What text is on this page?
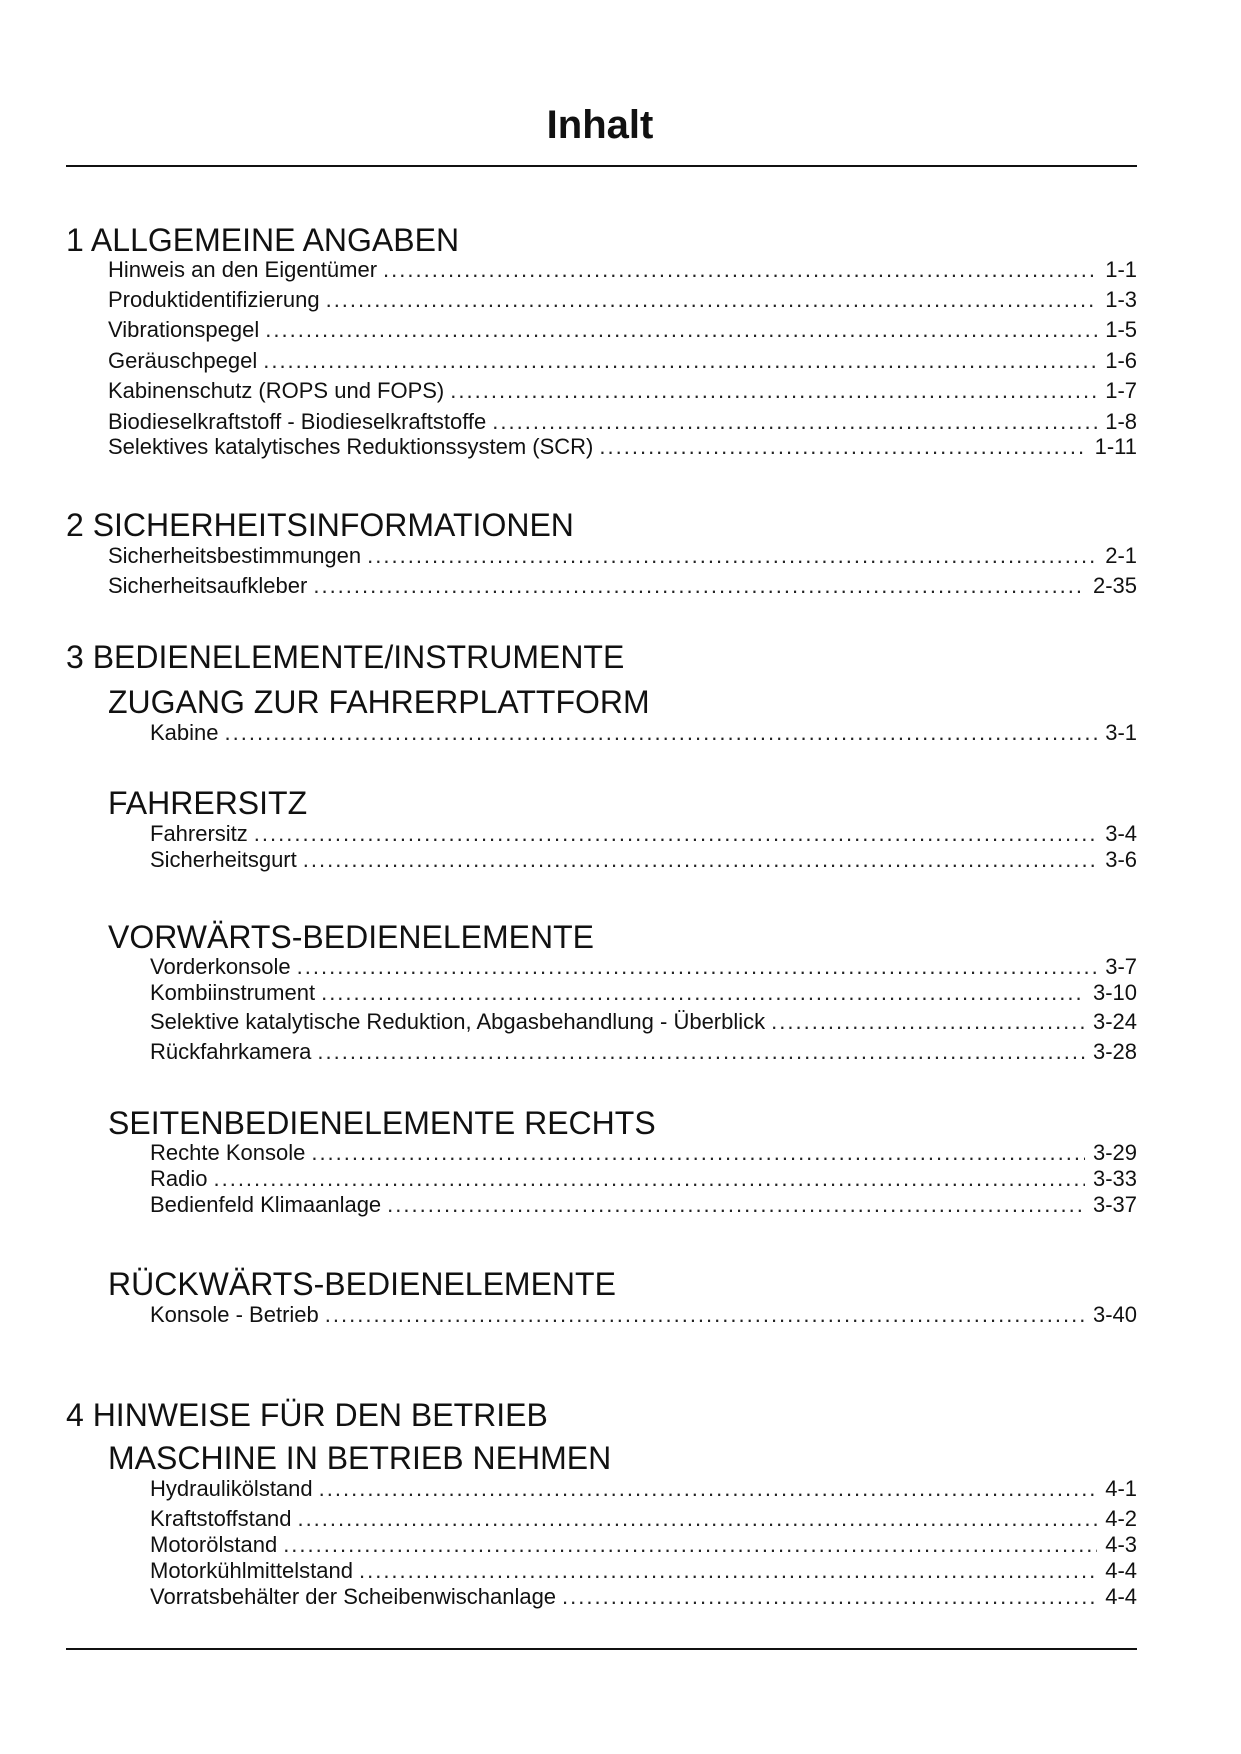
Inhalt
1 ALLGEMEINE ANGABEN
Hinweis an den Eigentümer .....	1-1
Produktidentifizierung .....	1-3
Vibrationspegel .....	1-5
Geräuschpegel .....	1-6
Kabinenschutz (ROPS und FOPS) .....	1-7
Biodieselkraftstoff - Biodieselkraftstoffe .....	1-8
Selektives katalytisches Reduktionssystem (SCR) .....	1-11
2 SICHERHEITSINFORMATIONEN
Sicherheitsbestimmungen .....	2-1
Sicherheitsaufkleber .....	2-35
3 BEDIENELEMENTE/INSTRUMENTE
ZUGANG ZUR FAHRERPLATTFORM
Kabine .....	3-1
FAHRERSITZ
Fahrersitz .....	3-4
Sicherheitsgurt .....	3-6
VORWÄRTS-BEDIENELEMENTE
Vorderkonsole .....	3-7
Kombiinstrument .....	3-10
Selektive katalytische Reduktion, Abgasbehandlung - Überblick .....	3-24
Rückfahrkamera .....	3-28
SEITENBEDIENELEMENTE RECHTS
Rechte Konsole .....	3-29
Radio .....	3-33
Bedienfeld Klimaanlage .....	3-37
RÜCKWÄRTS-BEDIENELEMENTE
Konsole - Betrieb .....	3-40
4 HINWEISE FÜR DEN BETRIEB
MASCHINE IN BETRIEB NEHMEN
Hydraulikölstand .....	4-1
Kraftstoffstand .....	4-2
Motorölstand .....	4-3
Motorkühlmittelstand .....	4-4
Vorratsbehälter der Scheibenwischanlage .....	4-4
